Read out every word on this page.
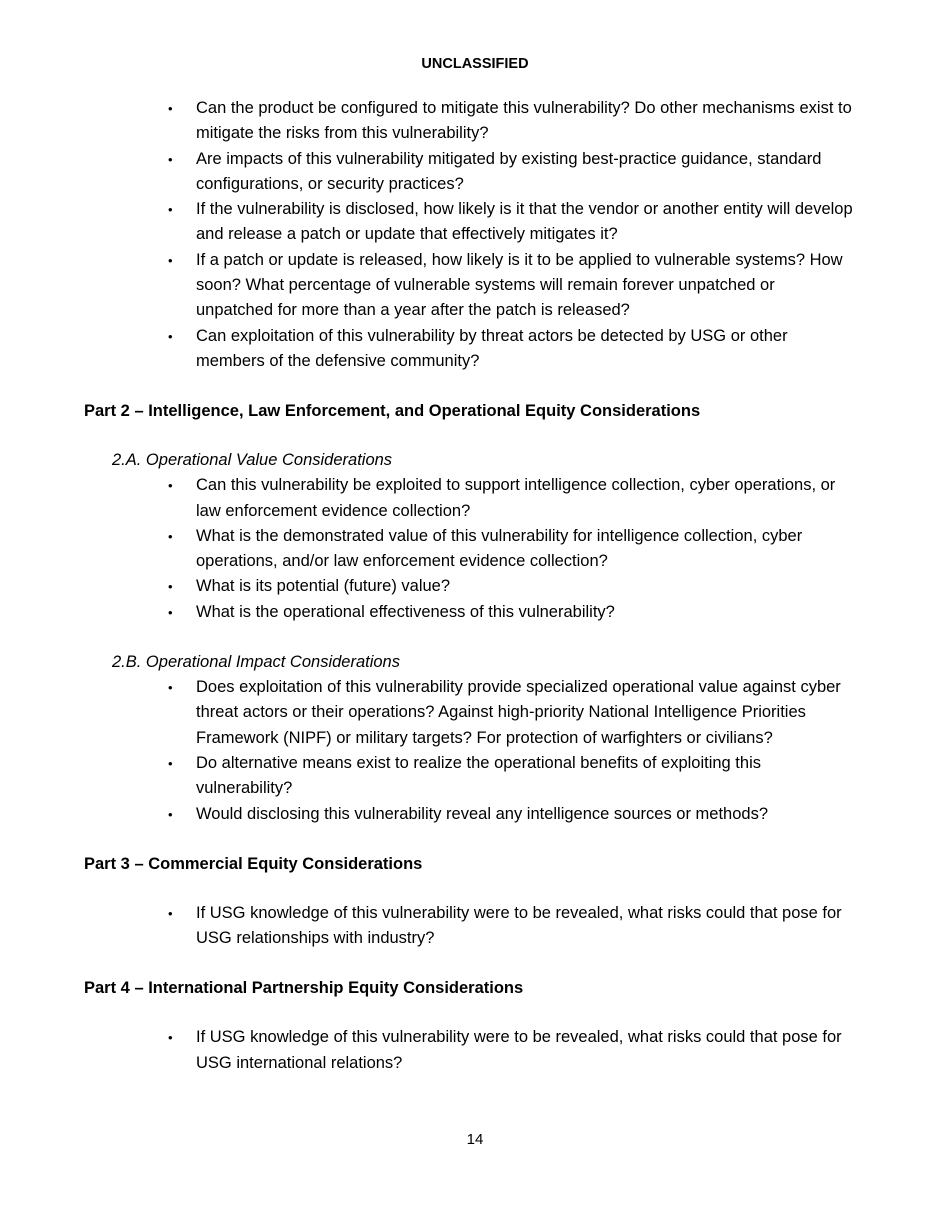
UNCLASSIFIED
• Can the product be configured to mitigate this vulnerability? Do other mechanisms exist to mitigate the risks from this vulnerability?
• Are impacts of this vulnerability mitigated by existing best-practice guidance, standard configurations, or security practices?
• If the vulnerability is disclosed, how likely is it that the vendor or another entity will develop and release a patch or update that effectively mitigates it?
• If a patch or update is released, how likely is it to be applied to vulnerable systems? How soon? What percentage of vulnerable systems will remain forever unpatched or unpatched for more than a year after the patch is released?
• Can exploitation of this vulnerability by threat actors be detected by USG or other members of the defensive community?
Part 2 – Intelligence, Law Enforcement, and Operational Equity Considerations
2.A. Operational Value Considerations
• Can this vulnerability be exploited to support intelligence collection, cyber operations, or law enforcement evidence collection?
• What is the demonstrated value of this vulnerability for intelligence collection, cyber operations, and/or law enforcement evidence collection?
• What is its potential (future) value?
• What is the operational effectiveness of this vulnerability?
2.B. Operational Impact Considerations
• Does exploitation of this vulnerability provide specialized operational value against cyber threat actors or their operations? Against high-priority National Intelligence Priorities Framework (NIPF) or military targets? For protection of warfighters or civilians?
• Do alternative means exist to realize the operational benefits of exploiting this vulnerability?
• Would disclosing this vulnerability reveal any intelligence sources or methods?
Part 3 – Commercial Equity Considerations
• If USG knowledge of this vulnerability were to be revealed, what risks could that pose for USG relationships with industry?
Part 4 – International Partnership Equity Considerations
• If USG knowledge of this vulnerability were to be revealed, what risks could that pose for USG international relations?
14
